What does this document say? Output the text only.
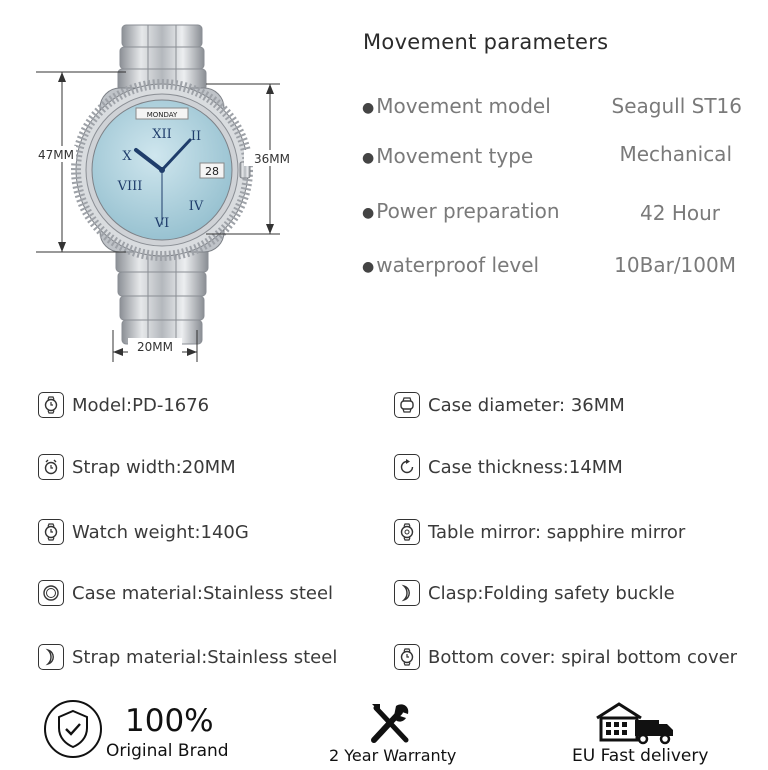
MONDAY
28
XII
X
VIII
VI
IV
II
47MM	36MM
20MM
Movement parameters
● Movement model	Seagull ST16
● Movement type	Mechanical
● Power preparation	42 Hour
● waterproof level	10Bar/100M
Model:PD-1676
Strap width:20MM
Watch weight:140G
Case material:Stainless steel
Strap material:Stainless steel
Case diameter: 36MM
Case thickness:14MM
Table mirror: sapphire mirror
Clasp:Folding safety buckle
Bottom cover: spiral bottom cover
100%
Original Brand	2 Year Warranty	EU Fast delivery
